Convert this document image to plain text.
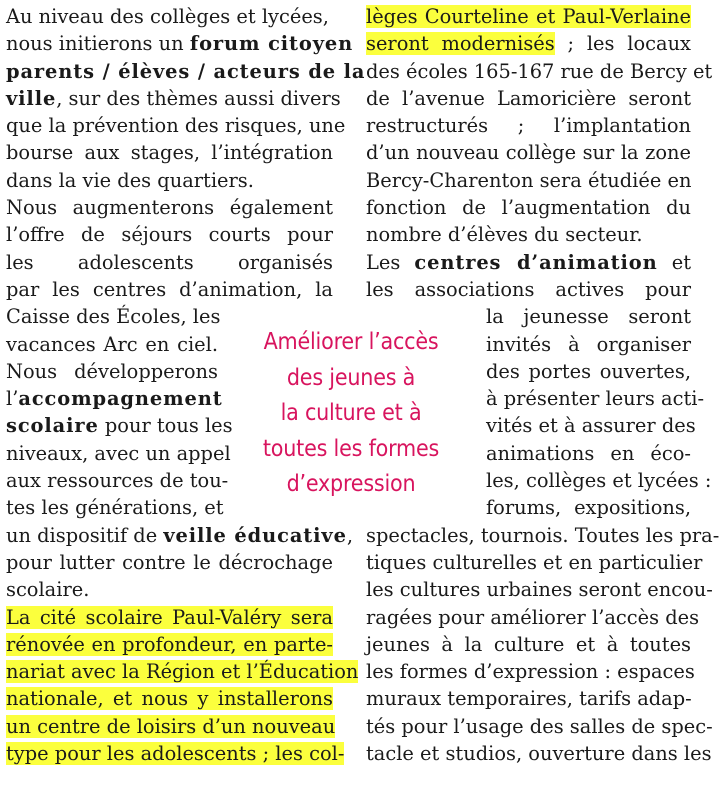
Au niveau des collèges et lycées,
nous initierons un forum citoyen
parents / élèves / acteurs de la
ville, sur des thèmes aussi divers
que la prévention des risques, une
bourse aux stages, l’intégration
dans la vie des quartiers.
Nous augmenterons également
l’offre de séjours courts pour
les adolescents organisés
par les centres d’animation, la
Caisse des Écoles, les
vacances Arc en ciel.
Nous développerons
l’accompagnement
scolaire pour tous les
niveaux, avec un appel
aux ressources de tou-
tes les générations, et
un dispositif de veille éducative,
pour lutter contre le décrochage
scolaire.
La cité scolaire Paul-Valéry sera
rénovée en profondeur, en parte-
nariat avec la Région et l’Éducation
nationale, et nous y installerons
un centre de loisirs d’un nouveau
type pour les adolescents ; les col-
lèges Courteline et Paul-Verlaine
seront modernisés ; les locaux
des écoles 165-167 rue de Bercy et
de l’avenue Lamoricière seront
restructurés ; l’implantation
d’un nouveau collège sur la zone
Bercy-Charenton sera étudiée en
fonction de l’augmentation du
nombre d’élèves du secteur.
Les centres d’animation et
les associations actives pour
la jeunesse seront
invités à organiser
des portes ouvertes,
à présenter leurs acti-
vités et à assurer des
animations en éco-
les, collèges et lycées :
forums, expositions,
spectacles, tournois. Toutes les pra-
tiques culturelles et en particulier
les cultures urbaines seront encou-
ragées pour améliorer l’accès des
jeunes à la culture et à toutes
les formes d’expression : espaces
muraux temporaires, tarifs adap-
tés pour l’usage des salles de spec-
tacle et studios, ouverture dans les
Améliorer l’accès
des jeunes à
la culture et à
toutes les formes
d’expression
